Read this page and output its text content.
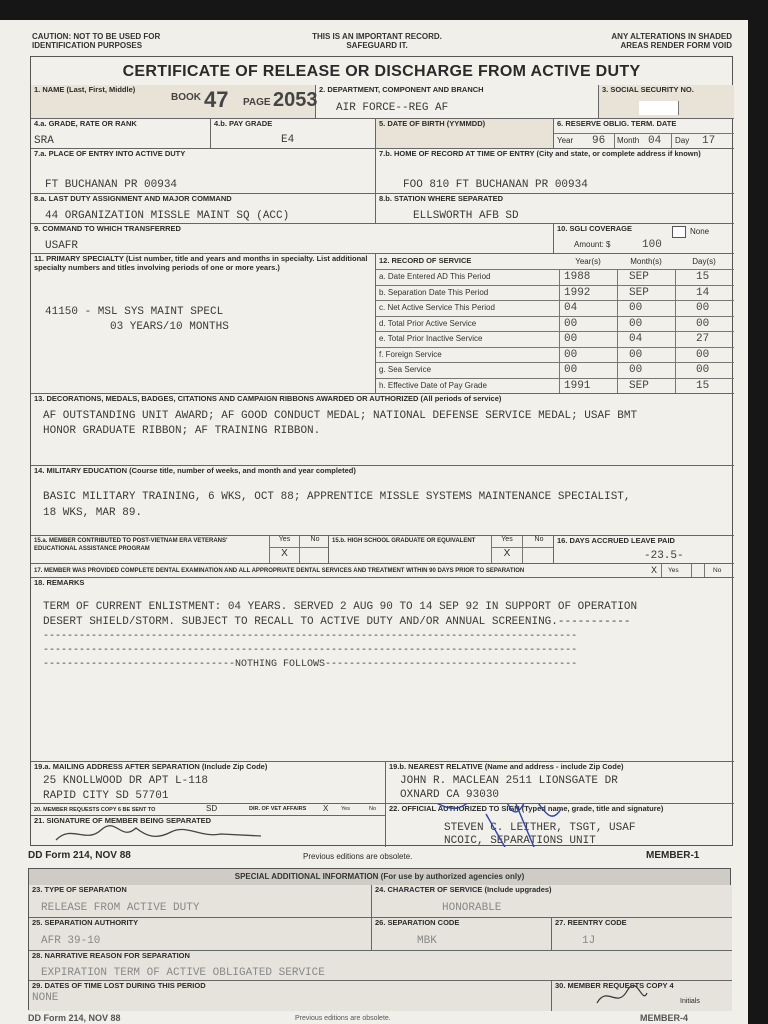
CAUTION: NOT TO BE USED FOR IDENTIFICATION PURPOSES
THIS IS AN IMPORTANT RECORD. SAFEGUARD IT.
ANY ALTERATIONS IN SHADED AREAS RENDER FORM VOID
CERTIFICATE OF RELEASE OR DISCHARGE FROM ACTIVE DUTY
1. NAME (Last, First, Middle)
BOOK 47 PAGE 2053 2. DEPARTMENT, COMPONENT AND BRANCH
AIR FORCE--REG AF
3. SOCIAL SECURITY NO.
4.a. GRADE, RATE OR RANK
SRA
4.b. PAY GRADE
E4
5. DATE OF BIRTH (YYMMDD)	6. RESERVE OBLIG. TERM. DATE
Year 96 Month 04 Day 17
7.a. PLACE OF ENTRY INTO ACTIVE DUTY
FT BUCHANAN PR 00934
7.b. HOME OF RECORD AT TIME OF ENTRY (City and state, or complete address if known)
FOO 810 FT BUCHANAN PR 00934
8.a. LAST DUTY ASSIGNMENT AND MAJOR COMMAND
44 ORGANIZATION MISSLE MAINT SQ (ACC)
8.b. STATION WHERE SEPARATED
ELLSWORTH AFB SD
9. COMMAND TO WHICH TRANSFERRED
USAFR
10. SGLI COVERAGE	None
Amount: $	100
11. PRIMARY SPECIALTY (List number, title and years and months in specialty. List additional specialty numbers and titles involving periods of one or more years.)
41150 - MSL SYS MAINT SPECL
03 YEARS/10 MONTHS
12. RECORD OF SERVICE	Year(s)	Month(s)	Day(s)
a. Date Entered AD This Period	1988	SEP	15
b. Separation Date This Period	1992	SEP	14
c. Net Active Service This Period	04	00	00
d. Total Prior Active Service	00	00	00
e. Total Prior Inactive Service	00	04	27
f. Foreign Service	00	00	00
g. Sea Service	00	00	00
h. Effective Date of Pay Grade	1991	SEP	15
13. DECORATIONS, MEDALS, BADGES, CITATIONS AND CAMPAIGN RIBBONS AWARDED OR AUTHORIZED (All periods of service)
AF OUTSTANDING UNIT AWARD; AF GOOD CONDUCT MEDAL; NATIONAL DEFENSE SERVICE MEDAL; USAF BMT
HONOR GRADUATE RIBBON; AF TRAINING RIBBON.
14. MILITARY EDUCATION (Course title, number of weeks, and month and year completed)
BASIC MILITARY TRAINING, 6 WKS, OCT 88; APPRENTICE MISSLE SYSTEMS MAINTENANCE SPECIALIST,
18 WKS, MAR 89.
15.a. MEMBER CONTRIBUTED TO POST-VIETNAM ERA VETERANS' EDUCATIONAL ASSISTANCE PROGRAM
Yes	No
X
15.b. HIGH SCHOOL GRADUATE OR EQUIVALENT	Yes	No
X
16. DAYS ACCRUED LEAVE PAID
-23.5-
17. MEMBER WAS PROVIDED COMPLETE DENTAL EXAMINATION AND ALL APPROPRIATE DENTAL SERVICES AND TREATMENT WITHIN 90 DAYS PRIOR TO SEPARATION	X Yes	No
18. REMARKS
TERM OF CURRENT ENLISTMENT: 04 YEARS. SERVED 2 AUG 90 TO 14 SEP 92 IN SUPPORT OF OPERATION
DESERT SHIELD/STORM. SUBJECT TO RECALL TO ACTIVE DUTY AND/OR ANNUAL SCREENING.-----------
-----------------------------------------------------------------------------------------
-----------------------------------------------------------------------------------------
--------------------------------NOTHING FOLLOWS------------------------------------------
19.a. MAILING ADDRESS AFTER SEPARATION (Include Zip Code)
25 KNOLLWOOD DR APT L-118
RAPID CITY SD 57701
19.b. NEAREST RELATIVE (Name and address - include Zip Code)
JOHN R. MACLEAN 2511 LIONSGATE DR
OXNARD CA 93030
20. MEMBER REQUESTS COPY 6 BE SENT TO	SD	DIR. OF VET AFFAIRS X Yes	No
21. SIGNATURE OF MEMBER BEING SEPARATED
22. OFFICIAL AUTHORIZED TO SIGN (Typed name, grade, title and signature)
STEVEN C. LEITHER, TSGT, USAF
NCOIC, SEPARATIONS UNIT
DD Form 214, NOV 88	Previous editions are obsolete.	MEMBER-1
SPECIAL ADDITIONAL INFORMATION (For use by authorized agencies only)
23. TYPE OF SEPARATION
RELEASE FROM ACTIVE DUTY
24. CHARACTER OF SERVICE (Include upgrades)
HONORABLE
25. SEPARATION AUTHORITY
AFR 39-10
26. SEPARATION CODE
MBK
27. REENTRY CODE
1J
28. NARRATIVE REASON FOR SEPARATION
EXPIRATION TERM OF ACTIVE OBLIGATED SERVICE
29. DATES OF TIME LOST DURING THIS PERIOD
NONE
30. MEMBER REQUESTS COPY 4
Initials
DD Form 214, NOV 88	Previous editions are obsolete.	MEMBER-4
